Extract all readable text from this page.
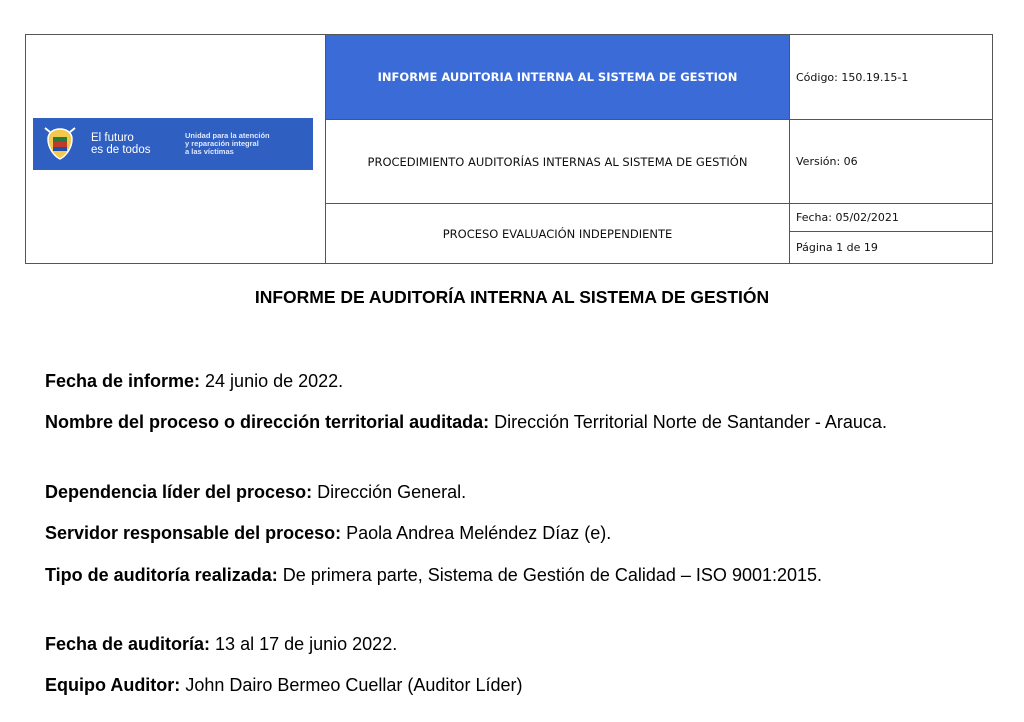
El futuro
es de todos
Unidad para la atención
y reparación integral
a las víctimas	INFORME AUDITORIA INTERNA AL SISTEMA DE GESTION	Código: 150.19.15-1
	PROCEDIMIENTO AUDITORÍAS INTERNAS AL SISTEMA DE GESTIÓN	Versión: 06
	PROCESO EVALUACIÓN INDEPENDIENTE	Fecha: 05/02/2021
		Página 1 de 19
INFORME DE AUDITORÍA INTERNA AL SISTEMA DE GESTIÓN

Fecha de informe: 24 junio de 2022.

Nombre del proceso o dirección territorial auditada: Dirección Territorial Norte de Santander - Arauca.

Dependencia líder del proceso: Dirección General.

Servidor responsable del proceso: Paola Andrea Meléndez Díaz (e).

Tipo de auditoría realizada: De primera parte, Sistema de Gestión de Calidad – ISO 9001:2015.

Fecha de auditoría: 13 al 17 de junio 2022.

Equipo Auditor: John Dairo Bermeo Cuellar (Auditor Líder)
